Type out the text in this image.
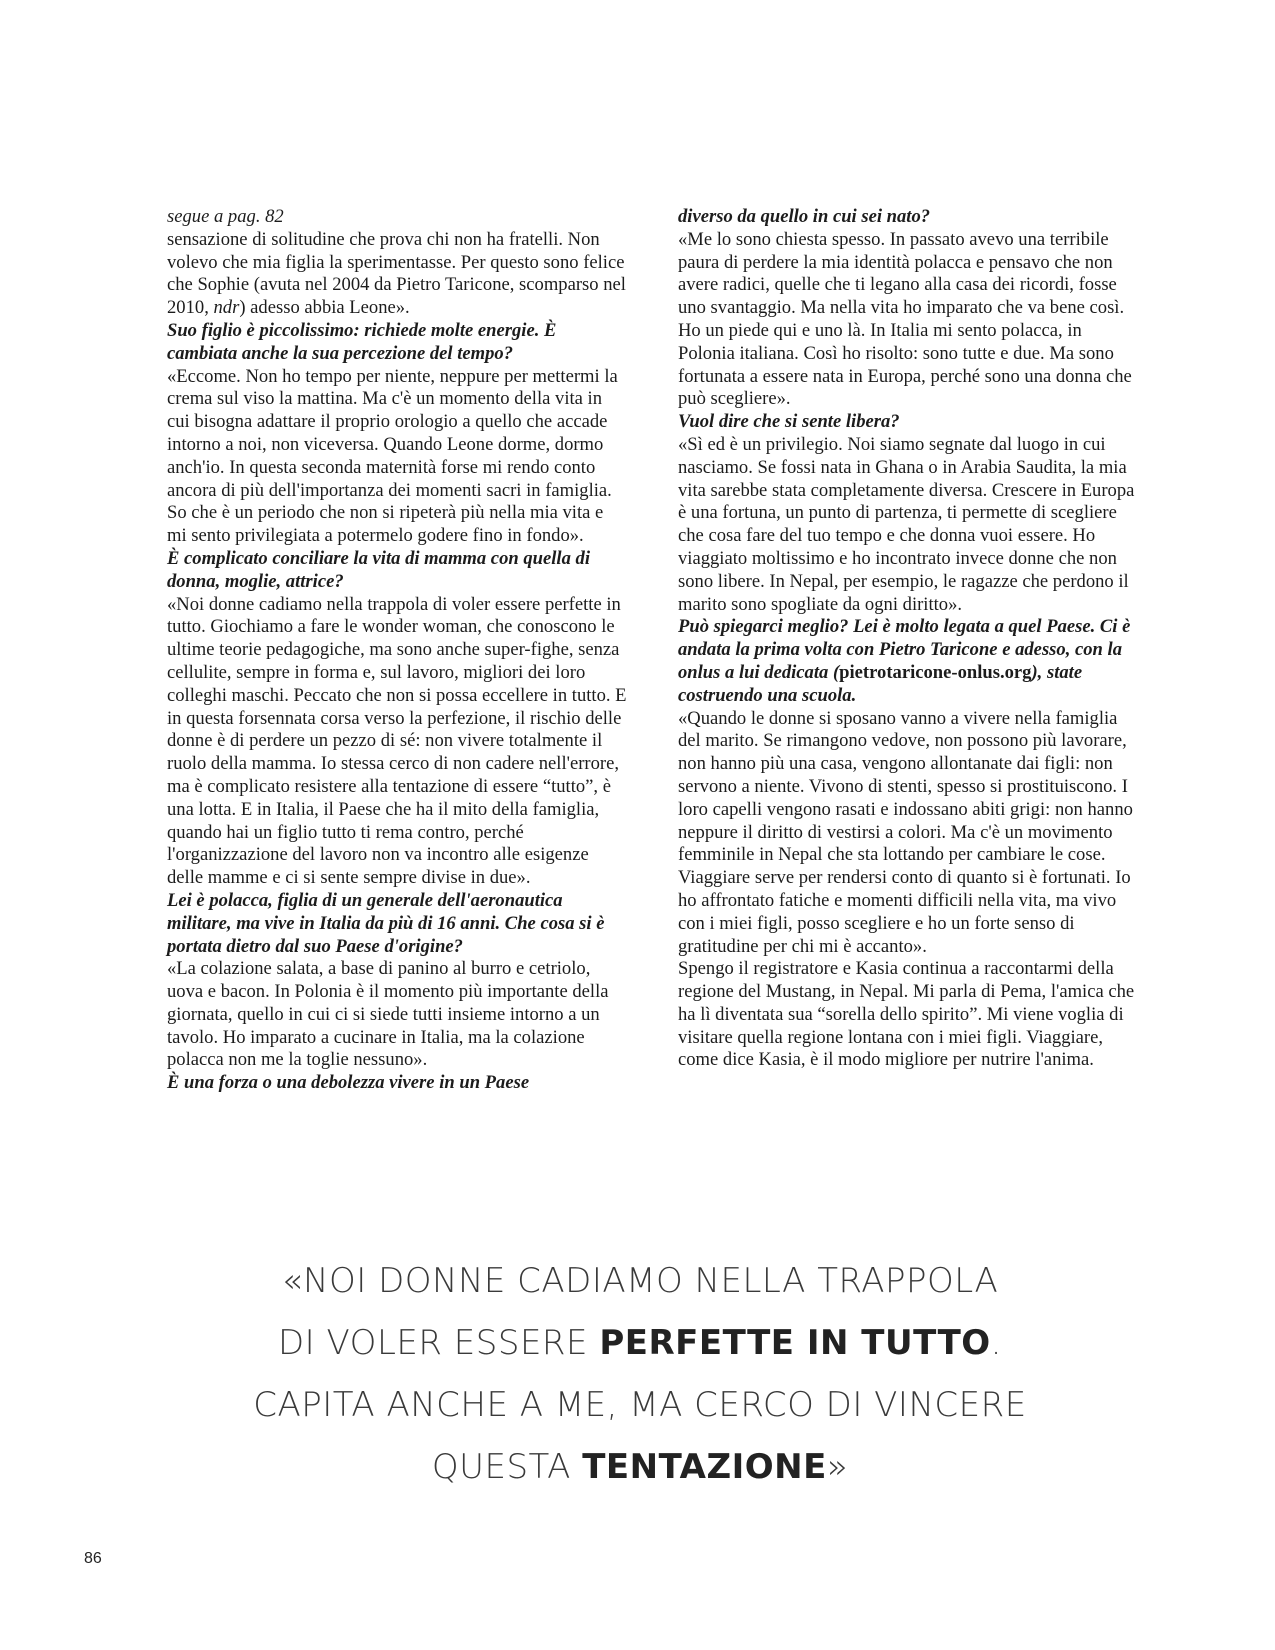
segue a pag. 82

sensazione di solitudine che prova chi non ha fratelli. Non volevo che mia figlia la sperimentasse. Per questo sono felice che Sophie (avuta nel 2004 da Pietro Taricone, scomparso nel 2010, ndr) adesso abbia Leone».

Suo figlio è piccolissimo: richiede molte energie. È cambiata anche la sua percezione del tempo?

«Eccome. Non ho tempo per niente, neppure per mettermi la crema sul viso la mattina. Ma c'è un momento della vita in cui bisogna adattare il proprio orologio a quello che accade intorno a noi, non viceversa. Quando Leone dorme, dormo anch'io. In questa seconda maternità forse mi rendo conto ancora di più dell'importanza dei momenti sacri in famiglia. So che è un periodo che non si ripeterà più nella mia vita e mi sento privilegiata a potermelo godere fino in fondo».

È complicato conciliare la vita di mamma con quella di donna, moglie, attrice?

«Noi donne cadiamo nella trappola di voler essere perfette in tutto. Giochiamo a fare le wonder woman, che conoscono le ultime teorie pedagogiche, ma sono anche super-fighe, senza cellulite, sempre in forma e, sul lavoro, migliori dei loro colleghi maschi. Peccato che non si possa eccellere in tutto. E in questa forsennata corsa verso la perfezione, il rischio delle donne è di perdere un pezzo di sé: non vivere totalmente il ruolo della mamma. Io stessa cerco di non cadere nell'errore, ma è complicato resistere alla tentazione di essere “tutto”, è una lotta. E in Italia, il Paese che ha il mito della famiglia, quando hai un figlio tutto ti rema contro, perché l'organizzazione del lavoro non va incontro alle esigenze delle mamme e ci si sente sempre divise in due».

Lei è polacca, figlia di un generale dell'aeronautica militare, ma vive in Italia da più di 16 anni. Che cosa si è portata dietro dal suo Paese d'origine?

«La colazione salata, a base di panino al burro e cetriolo, uova e bacon. In Polonia è il momento più importante della giornata, quello in cui ci si siede tutti insieme intorno a un tavolo. Ho imparato a cucinare in Italia, ma la colazione polacca non me la toglie nessuno».

È una forza o una debolezza vivere in un Paese

diverso da quello in cui sei nato?

«Me lo sono chiesta spesso. In passato avevo una terribile paura di perdere la mia identità polacca e pensavo che non avere radici, quelle che ti legano alla casa dei ricordi, fosse uno svantaggio. Ma nella vita ho imparato che va bene così. Ho un piede qui e uno là. In Italia mi sento polacca, in Polonia italiana. Così ho risolto: sono tutte e due. Ma sono fortunata a essere nata in Europa, perché sono una donna che può scegliere».

Vuol dire che si sente libera?

«Sì ed è un privilegio. Noi siamo segnate dal luogo in cui nasciamo. Se fossi nata in Ghana o in Arabia Saudita, la mia vita sarebbe stata completamente diversa. Crescere in Europa è una fortuna, un punto di partenza, ti permette di scegliere che cosa fare del tuo tempo e che donna vuoi essere. Ho viaggiato moltissimo e ho incontrato invece donne che non sono libere. In Nepal, per esempio, le ragazze che perdono il marito sono spogliate da ogni diritto».

Può spiegarci meglio? Lei è molto legata a quel Paese. Ci è andata la prima volta con Pietro Taricone e adesso, con la onlus a lui dedicata (pietrotaricone-onlus.org), state costruendo una scuola.

«Quando le donne si sposano vanno a vivere nella famiglia del marito. Se rimangono vedove, non possono più lavorare, non hanno più una casa, vengono allontanate dai figli: non servono a niente. Vivono di stenti, spesso si prostituiscono. I loro capelli vengono rasati e indossano abiti grigi: non hanno neppure il diritto di vestirsi a colori. Ma c'è un movimento femminile in Nepal che sta lottando per cambiare le cose. Viaggiare serve per rendersi conto di quanto si è fortunati. Io ho affrontato fatiche e momenti difficili nella vita, ma vivo con i miei figli, posso scegliere e ho un forte senso di gratitudine per chi mi è accanto».

Spengo il registratore e Kasia continua a raccontarmi della regione del Mustang, in Nepal. Mi parla di Pema, l'amica che ha lì diventata sua “sorella dello spirito”. Mi viene voglia di visitare quella regione lontana con i miei figli. Viaggiare, come dice Kasia, è il modo migliore per nutrire l'anima.

«NOI DONNE CADIAMO NELLA TRAPPOLA
DI VOLER ESSERE PERFETTE IN TUTTO.
CAPITA ANCHE A ME, MA CERCO DI VINCERE
QUESTA TENTAZIONE»
86
